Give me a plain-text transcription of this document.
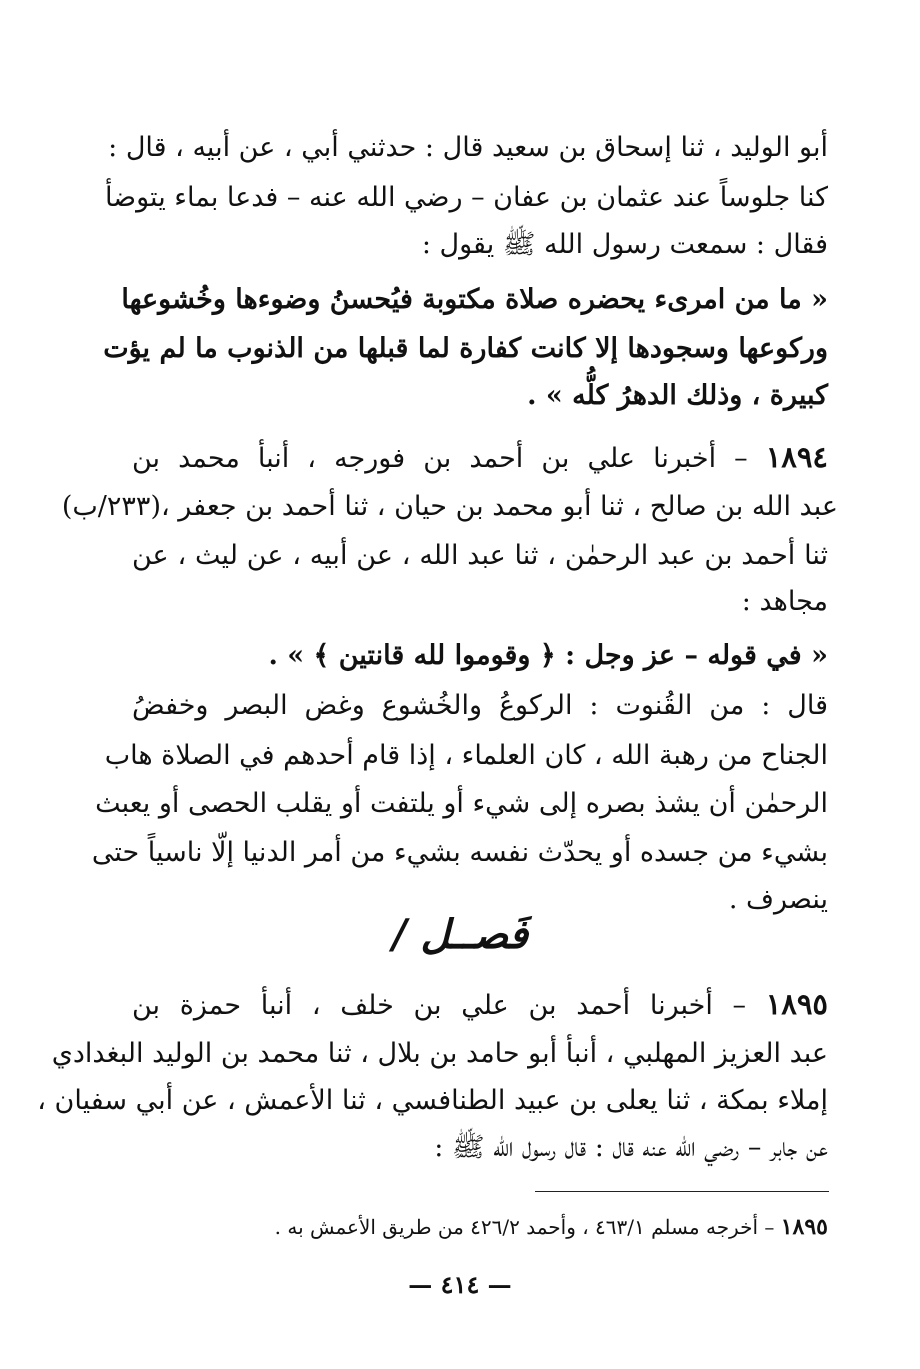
أبو الوليد ، ثنا إسحاق بن سعيد قال : حدثني أبي ، عن أبيه ، قال :
كنا جلوساً عند عثمان بن عفان – رضي الله عنه – فدعا بماء يتوضأ
فقال : سمعت رسول الله ﷺ يقول :
« ما من امرىء يحضره صلاة مكتوبة فيُحسنُ وضوءها وخُشوعها
وركوعها وسجودها إلا كانت كفارة لما قبلها من الذنوب ما لم يؤت
كبيرة ، وذلك الدهرُ كلُّه » .
١٨٩٤ – أخبرنا علي بن أحمد بن فورجه ، أنبأ محمد بن
عبد الله بن صالح ، ثنا أبو محمد بن حيان ، ثنا أحمد بن جعفر ،(٢٣٣/ب)
ثنا أحمد بن عبد الرحمٰن ، ثنا عبد الله ، عن أبيه ، عن ليث ، عن
مجاهد :
« في قوله – عز وجل : ﴿ وقوموا لله قانتين ﴾ » .
قال : من القُنوت : الركوعُ والخُشوع وغض البصر وخفضُ
الجناح من رهبة الله ، كان العلماء ، إذا قام أحدهم في الصلاة هاب
الرحمٰن أن يشذ بصره إلى شيء أو يلتفت أو يقلب الحصى أو يعبث
بشيء من جسده أو يحدّث نفسه بشيء من أمر الدنيا إلّا ناسياً حتى
ينصرف .
فَصــل /
١٨٩٥ – أخبرنا أحمد بن علي بن خلف ، أنبأ حمزة بن
عبد العزيز المهلبي ، أنبأ أبو حامد بن بلال ، ثنا محمد بن الوليد البغدادي
إملاء بمكة ، ثنا يعلى بن عبيد الطنافسي ، ثنا الأعمش ، عن أبي سفيان ،
عن جابر – رضي الله عنه قال : قال رسول الله ﷺ :
١٨٩٥ – أخرجه مسلم ٤٦٣/١ ، وأحمد ٤٢٦/٢ من طريق الأعمش به .
— ٤١٤ —
